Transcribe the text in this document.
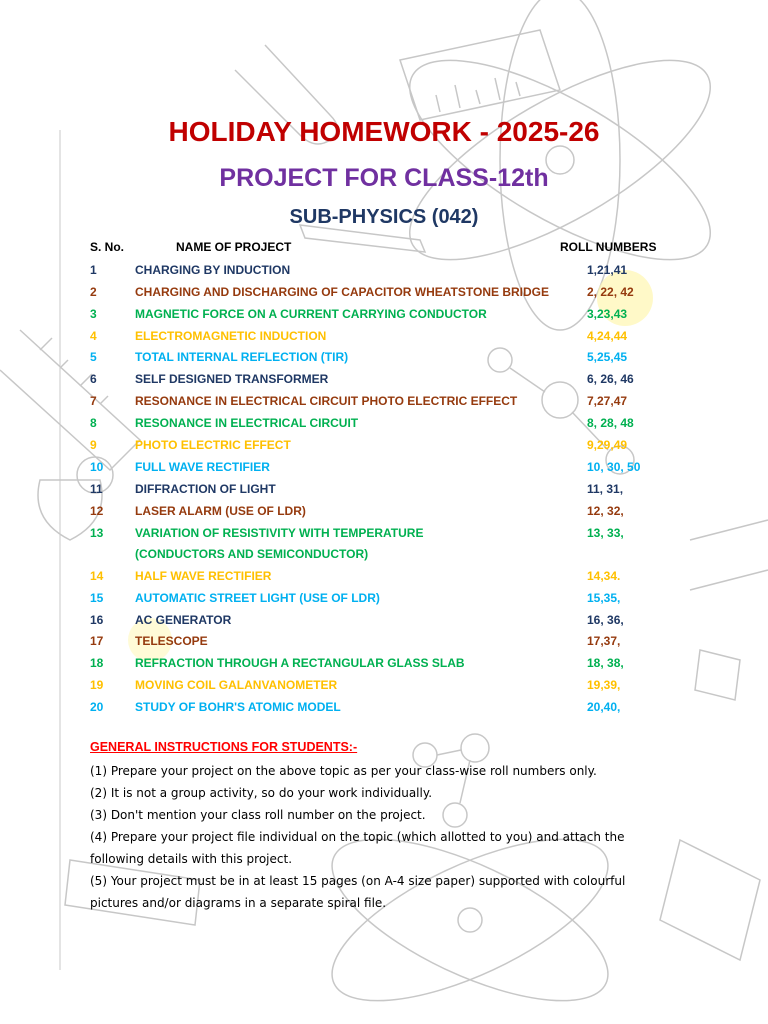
HOLIDAY HOMEWORK - 2025-26
PROJECT FOR CLASS-12th
SUB-PHYSICS (042)
S. No.	NAME OF PROJECT	ROLL NUMBERS
1	CHARGING BY INDUCTION	1,21,41
2	CHARGING AND DISCHARGING OF CAPACITOR WHEATSTONE BRIDGE	2, 22, 42
3	MAGNETIC FORCE ON A CURRENT CARRYING CONDUCTOR	3,23,43
4	ELECTROMAGNETIC INDUCTION	4,24,44
5	TOTAL INTERNAL REFLECTION (TIR)	5,25,45
6	SELF DESIGNED TRANSFORMER	6, 26, 46
7	RESONANCE IN ELECTRICAL CIRCUIT PHOTO ELECTRIC EFFECT	7,27,47
8	RESONANCE IN ELECTRICAL CIRCUIT	8, 28, 48
9	PHOTO ELECTRIC EFFECT	9,29,49
10	FULL WAVE RECTIFIER	10, 30, 50
11	DIFFRACTION OF LIGHT	11, 31,
12	LASER ALARM (USE OF LDR)	12, 32,
13	VARIATION OF RESISTIVITY WITH TEMPERATURE	13, 33,
(CONDUCTORS AND SEMICONDUCTOR)
14	HALF WAVE RECTIFIER	14,34.
15	AUTOMATIC STREET LIGHT (USE OF LDR)	15,35,
16	AC GENERATOR	16, 36,
17	TELESCOPE	17,37,
18	REFRACTION THROUGH A RECTANGULAR GLASS SLAB	18, 38,
19	MOVING COIL GALANVANOMETER	19,39,
20	STUDY OF BOHR'S ATOMIC MODEL	20,40,
GENERAL INSTRUCTIONS FOR STUDENTS:-
(1) Prepare your project on the above topic as per your class-wise roll numbers only.
(2) It is not a group activity, so do your work individually.
(3) Don't mention your class roll number on the project.
(4) Prepare your project file individual on the topic (which allotted to you) and attach the
following details with this project.
(5) Your project must be in at least 15 pages (on A-4 size paper) supported with colourful
pictures and/or diagrams in a separate spiral file.
